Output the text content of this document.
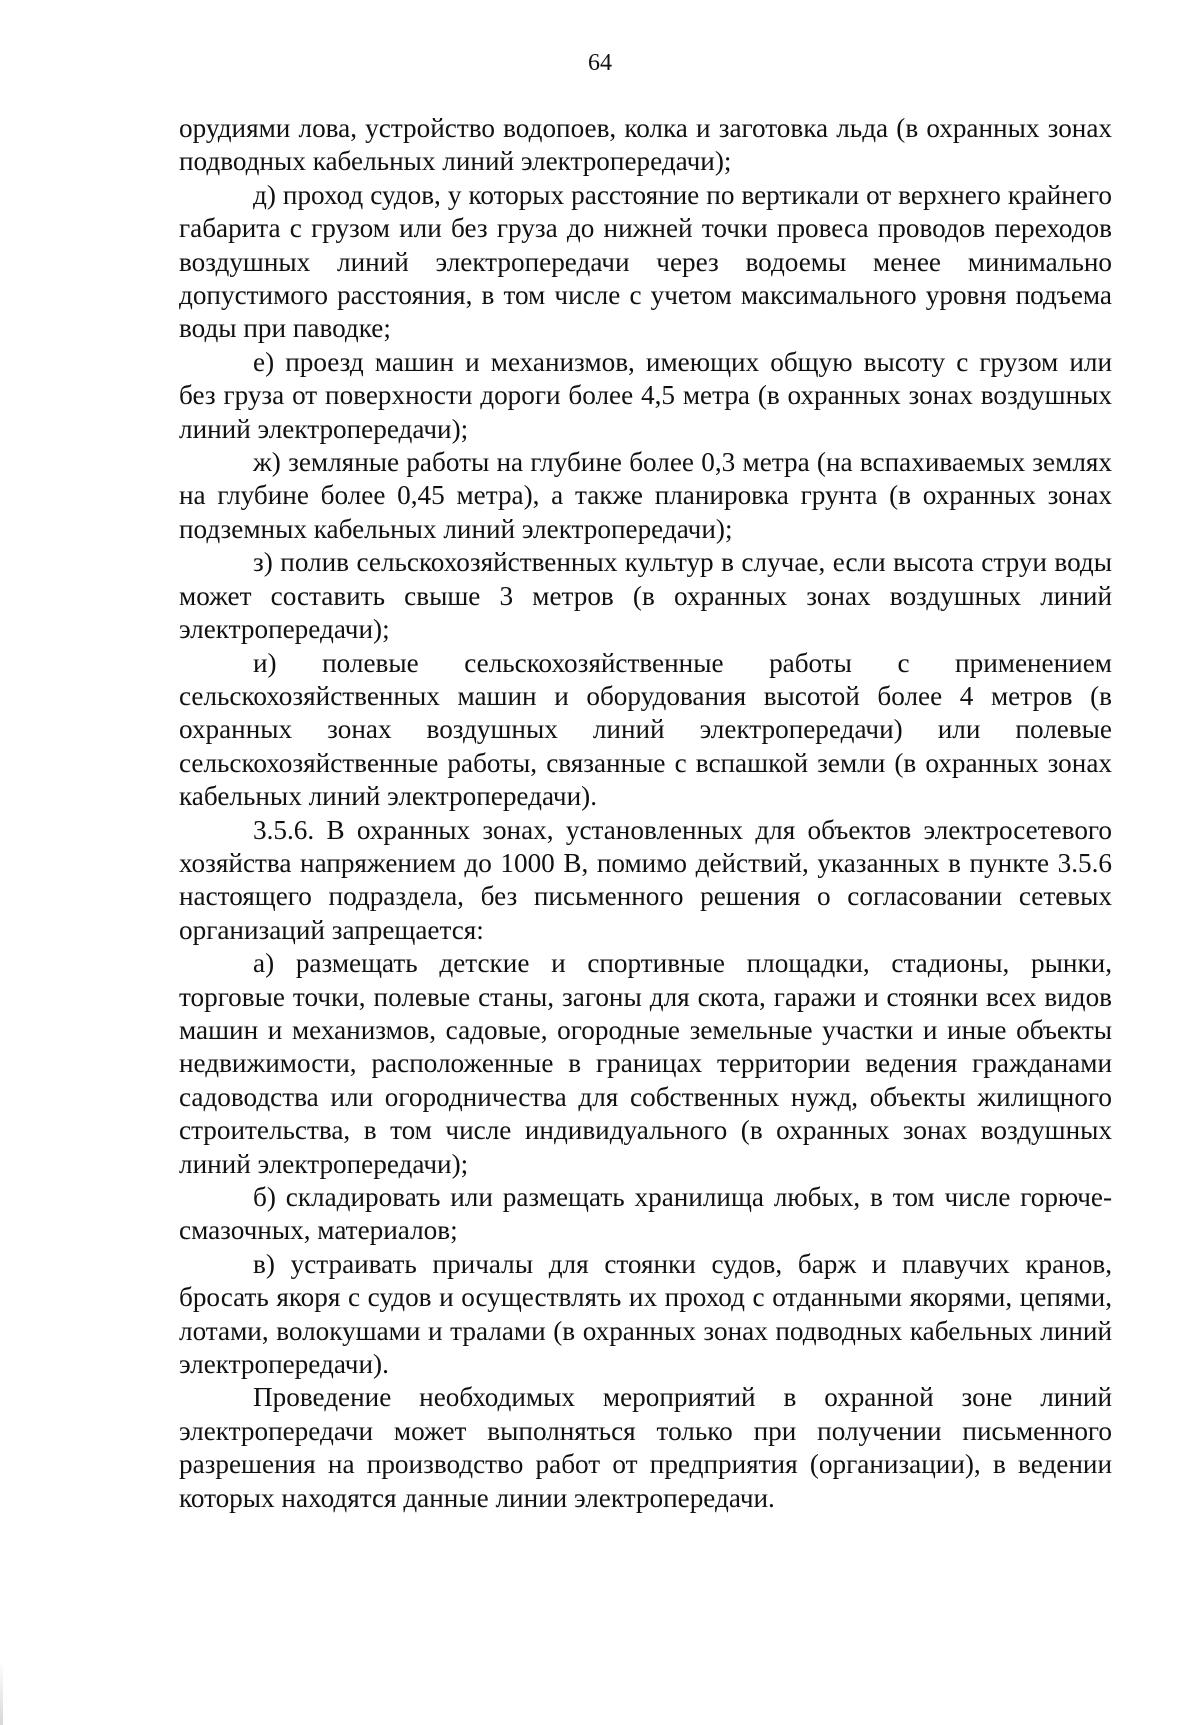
64

орудиями лова, устройство водопоев, колка и заготовка льда (в охранных зонах подводных кабельных линий электропередачи);

д) проход судов, у которых расстояние по вертикали от верхнего крайнего габарита с грузом или без груза до нижней точки провеса проводов переходов воздушных линий электропередачи через водоемы менее минимально допустимого расстояния, в том числе с учетом максимального уровня подъема воды при паводке;

е) проезд машин и механизмов, имеющих общую высоту с грузом или без груза от поверхности дороги более 4,5 метра (в охранных зонах воздушных линий электропередачи);

ж) земляные работы на глубине более 0,3 метра (на вспахиваемых землях на глубине более 0,45 метра), а также планировка грунта (в охранных зонах подземных кабельных линий электропередачи);

з) полив сельскохозяйственных культур в случае, если высота струи воды может составить свыше 3 метров (в охранных зонах воздушных линий электропередачи);

и) полевые сельскохозяйственные работы с применением сельскохозяйственных машин и оборудования высотой более 4 метров (в охранных зонах воздушных линий электропередачи) или полевые сельскохозяйственные работы, связанные с вспашкой земли (в охранных зонах кабельных линий электропередачи).

3.5.6. В охранных зонах, установленных для объектов электросетевого хозяйства напряжением до 1000 В, помимо действий, указанных в пункте 3.5.6 настоящего подраздела, без письменного решения о согласовании сетевых организаций запрещается:

а) размещать детские и спортивные площадки, стадионы, рынки, торговые точки, полевые станы, загоны для скота, гаражи и стоянки всех видов машин и механизмов, садовые, огородные земельные участки и иные объекты недвижимости, расположенные в границах территории ведения гражданами садоводства или огородничества для собственных нужд, объекты жилищного строительства, в том числе индивидуального (в охранных зонах воздушных линий электропередачи);

б) складировать или размещать хранилища любых, в том числе горюче-смазочных, материалов;

в) устраивать причалы для стоянки судов, барж и плавучих кранов, бросать якоря с судов и осуществлять их проход с отданными якорями, цепями, лотами, волокушами и тралами (в охранных зонах подводных кабельных линий электропередачи).

Проведение необходимых мероприятий в охранной зоне линий электропередачи может выполняться только при получении письменного разрешения на производство работ от предприятия (организации), в ведении которых находятся данные линии электропередачи.
